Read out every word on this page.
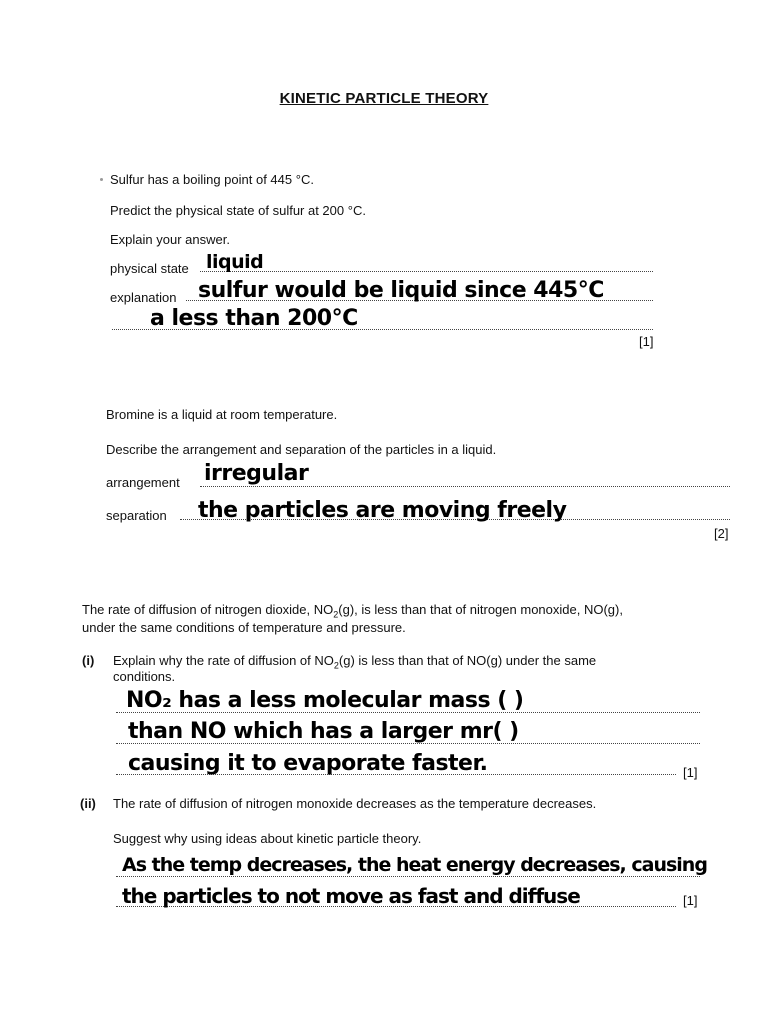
KINETIC PARTICLE THEORY
Sulfur has a boiling point of 445 °C.
Predict the physical state of sulfur at 200 °C.
Explain your answer.
physical state liquid
explanation sulfur would be liquid since 445°C
a less than 200°C
[1]
Bromine is a liquid at room temperature.
Describe the arrangement and separation of the particles in a liquid.
arrangement irregular
separation the particles are moving freely
[2]
The rate of diffusion of nitrogen dioxide, $NO_2(g)$, is less than that of nitrogen monoxide, NO(g),
under the same conditions of temperature and pressure.
(i) Explain why the rate of diffusion of $NO_2(g)$ is less than that of NO(g) under the same
conditions.
NO₂ has a less molecular mass ( )
than NO which has a larger mr( )
causing it to evaporate faster.	[1]
(ii) The rate of diffusion of nitrogen monoxide decreases as the temperature decreases.
Suggest why using ideas about kinetic particle theory.
As the temp decreases, the heat energy decreases, causing
the particles to not move as fast and diffuse	[1]
